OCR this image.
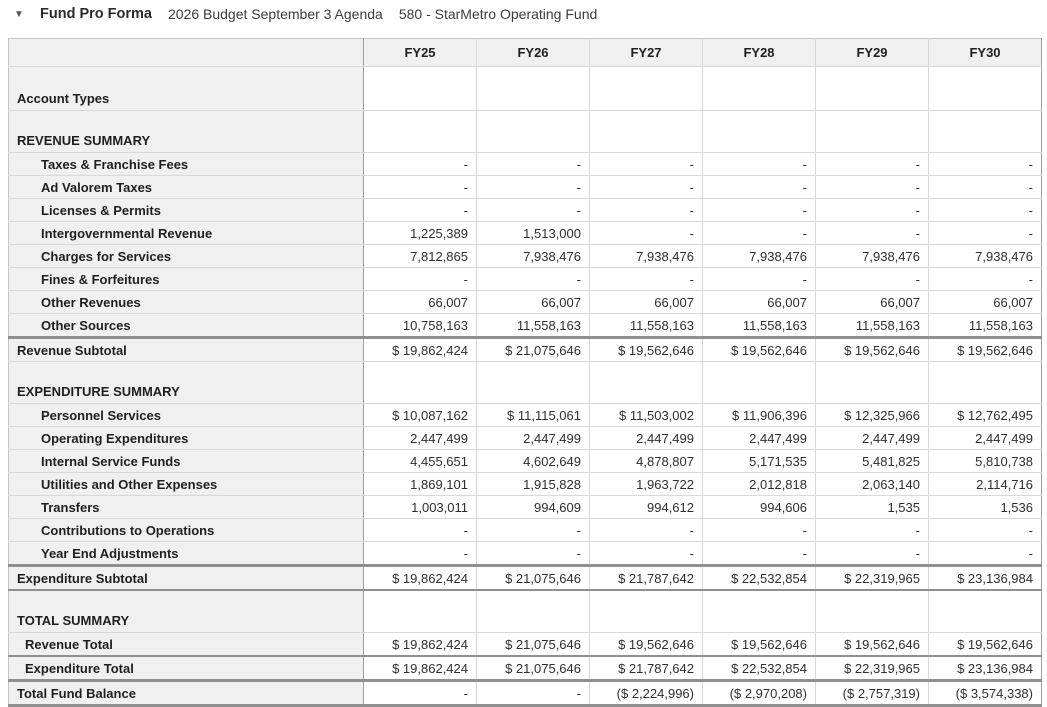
▼	Fund Pro Forma 2026 Budget September 3 Agenda 580 - StarMetro Operating Fund
	FY25	FY26	FY27	FY28	FY29	FY30
Account Types						
REVENUE SUMMARY						
Taxes & Franchise Fees	-	-	-	-	-	-
Ad Valorem Taxes	-	-	-	-	-	-
Licenses & Permits	-	-	-	-	-	-
Intergovernmental Revenue	1,225,389	1,513,000	-	-	-	-
Charges for Services	7,812,865	7,938,476	7,938,476	7,938,476	7,938,476	7,938,476
Fines & Forfeitures	-	-	-	-	-	-
Other Revenues	66,007	66,007	66,007	66,007	66,007	66,007
Other Sources	10,758,163	11,558,163	11,558,163	11,558,163	11,558,163	11,558,163
Revenue Subtotal	$ 19,862,424	$ 21,075,646	$ 19,562,646	$ 19,562,646	$ 19,562,646	$ 19,562,646
EXPENDITURE SUMMARY						
Personnel Services	$ 10,087,162	$ 11,115,061	$ 11,503,002	$ 11,906,396	$ 12,325,966	$ 12,762,495
Operating Expenditures	2,447,499	2,447,499	2,447,499	2,447,499	2,447,499	2,447,499
Internal Service Funds	4,455,651	4,602,649	4,878,807	5,171,535	5,481,825	5,810,738
Utilities and Other Expenses	1,869,101	1,915,828	1,963,722	2,012,818	2,063,140	2,114,716
Transfers	1,003,011	994,609	994,612	994,606	1,535	1,536
Contributions to Operations	-	-	-	-	-	-
Year End Adjustments	-	-	-	-	-	-
Expenditure Subtotal	$ 19,862,424	$ 21,075,646	$ 21,787,642	$ 22,532,854	$ 22,319,965	$ 23,136,984
TOTAL SUMMARY						
Revenue Total	$ 19,862,424	$ 21,075,646	$ 19,562,646	$ 19,562,646	$ 19,562,646	$ 19,562,646
Expenditure Total	$ 19,862,424	$ 21,075,646	$ 21,787,642	$ 22,532,854	$ 22,319,965	$ 23,136,984
Total Fund Balance	-	-	($ 2,224,996)	($ 2,970,208)	($ 2,757,319)	($ 3,574,338)
